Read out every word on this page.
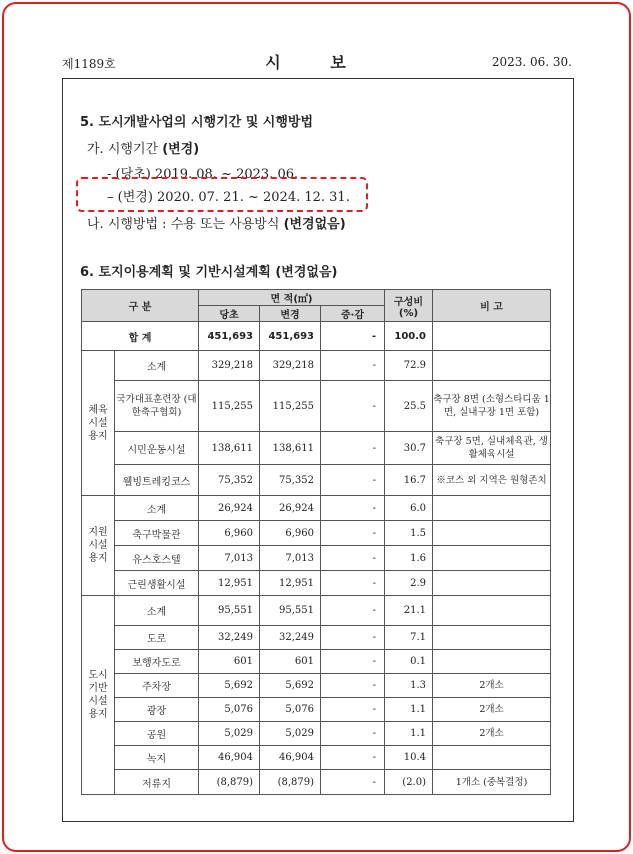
제1189호	시 보	2023. 06. 30.
5. 도시개발사업의 시행기간 및 시행방법
가. 시행기간 (변경)
- (당초) 2019. 08. ~ 2023. 06.
– (변경) 2020. 07. 21. ~ 2024. 12. 31.
나. 시행방법 : 수용 또는 사용방식 (변경없음)
6. 토지이용계획 및 기반시설계획 (변경없음)
구 분		면 적(㎡)			구성비 (%)	비 고
		당초	변경	증·감		
합 계		451,693	451,693	-	100.0	
체육 시설 용지	소계	329,218	329,218	-	72.9	
	국가대표훈련장 (대한축구협회)	115,255	115,255	-	25.5	축구장 8면 (소형스타디움 1면, 실내구장 1면 포함)
	시민운동시설	138,611	138,611	-	30.7	축구장 5면, 실내체육관, 생활체육시설
	웰빙트레킹코스	75,352	75,352	-	16.7	※코스 외 지역은 원형존치
지원 시설 용지	소계	26,924	26,924	-	6.0	
	축구박물관	6,960	6,960	-	1.5	
	유스호스텔	7,013	7,013	-	1.6	
	근린생활시설	12,951	12,951	-	2.9	
도시 기반 시설 용지	소계	95,551	95,551	-	21.1	
	도로	32,249	32,249	-	7.1	
	보행자도로	601	601	-	0.1	
	주차장	5,692	5,692	-	1.3	2개소
	광장	5,076	5,076	-	1.1	2개소
	공원	5,029	5,029	-	1.1	2개소
	녹지	46,904	46,904	-	10.4	
	저류지	(8,879)	(8,879)	-	(2.0)	1개소 (중복결정)
